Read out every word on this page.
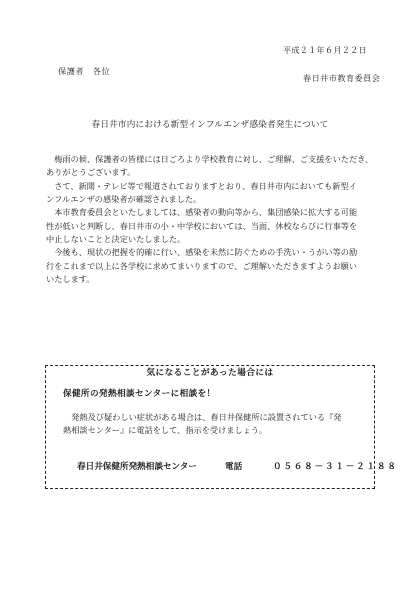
平成２１年６月２２日
保護者　各位
春日井市教育委員会
春日井市内における新型インフルエンザ感染者発生について

　梅雨の候、保護者の皆様には日ごろより学校教育に対し、ご理解、ご支援をいただき、
ありがとうございます。

　さて、新聞・テレビ等で報道されておりますとおり、春日井市内においても新型イ
ンフルエンザの感染者が確認されました。

　本市教育委員会といたしましては、感染者の動向等から、集団感染に拡大する可能
性が低いと判断し、春日井市の小・中学校においては、当面、休校ならびに行事等を
中止しないことと決定いたしました。

　今後も、現状の把握を的確に行い、感染を未然に防ぐための手洗い・うがい等の励
行をこれまで以上に各学校に求めてまいりますので、ご理解いただきますようお願い
いたします。

気になることがあった場合には
保健所の発熱相談センターに相談を！
　発熱及び疑わしい症状がある場合は、春日井保健所に設置されている『発
熱相談センター』に電話をして、指示を受けましょう。
春日井保健所発熱相談センター	電話	０５６８－３１－２１８８
